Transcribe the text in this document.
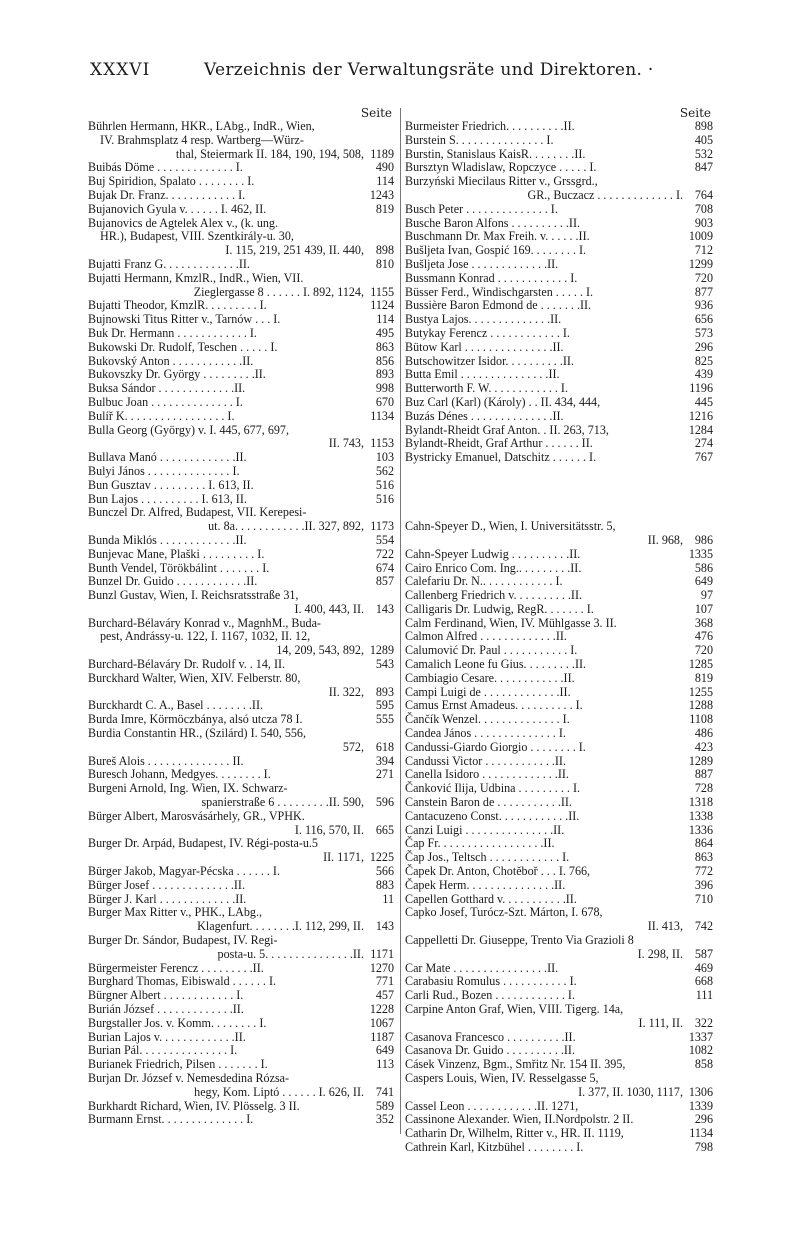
XXXVI	Verzeichnis der Verwaltungsräte und Direktoren. ·
Seite
Bührlen Hermann, HKR., LAbg., IndR., Wien,
IV. Brahmsplatz 4 resp. Wartberg—Würz-
thal, Steiermark II. 184, 190, 194, 508, 1189
Buibás Döme . . . . . . . . . . . . . I.	490
Buj Spiridion, Spalato . . . . . . . . I.	114
Bujak Dr. Franz. . . . . . . . . . . . I.	1243
Bujanovich Gyula v. . . . . . I. 462, II.	819
Bujanovics de Agtelek Alex v., (k. ung.
HR.), Budapest, VIII. Szentkirály-u. 30,
I. 115, 219, 251 439, II. 440, 898
Bujatti Franz G. . . . . . . . . . . . .II.	810
Bujatti Hermann, KmzlR., IndR., Wien, VII.
Zieglergasse 8 . . . . . . I. 892, 1124, 1155
Bujatti Theodor, KmzlR. . . . . . . . . I.	1124
Bujnowski Titus Ritter v., Tarnów . . . I.	114
Buk Dr. Hermann . . . . . . . . . . . . I.	495
Bukowski Dr. Rudolf, Teschen . . . . . I.	863
Bukovský Anton . . . . . . . . . . . .II.	856
Bukovszky Dr. György . . . . . . . . .II.	893
Buksa Sándor . . . . . . . . . . . . .II.	998
Bulbuc Joan . . . . . . . . . . . . . . I.	670
Bulíř K. . . . . . . . . . . . . . . . . I.	1134
Bulla Georg (György) v. I. 445, 677, 697,
II. 743, 1153
Bullava Manó . . . . . . . . . . . . .II.	103
Bulyi János . . . . . . . . . . . . . . I.	562
Bun Gusztav . . . . . . . . . I. 613, II.	516
Bun Lajos . . . . . . . . . . I. 613, II.	516
Bunczel Dr. Alfred, Budapest, VII. Kerepesi-
ut. 8a. . . . . . . . . . . .II. 327, 892, 1173
Bunda Miklós . . . . . . . . . . . . .II.	554
Bunjevac Mane, Plaški . . . . . . . . . I.	722
Bunth Vendel, Törökbálint . . . . . . . I.	674
Bunzel Dr. Guido . . . . . . . . . . . .II.	857
Bunzl Gustav, Wien, I. Reichsratsstraße 31,
I. 400, 443, II. 143
Burchard-Bélaváry Konrad v., MagnhM., Buda-
pest, Andrássy-u. 122, I. 1167, 1032, II. 12,
14, 209, 543, 892, 1289
Burchard-Bélaváry Dr. Rudolf v. . 14, II.	543
Burckhard Walter, Wien, XIV. Felberstr. 80,
II. 322, 893
Burckhardt C. A., Basel . . . . . . . .II.	595
Burda Imre, Körmöczbánya, alsó utcza 78 I.	555
Burdia Constantin HR., (Szilárd) I. 540, 556,
572, 618
Bureš Alois . . . . . . . . . . . . . . II.	394
Buresch Johann, Medgyes. . . . . . . . I.	271
Burgeni Arnold, Ing. Wien, IX. Schwarz-
spanierstraße 6 . . . . . . . . .II. 590, 596
Bürger Albert, Marosvásárhely, GR., VPHK.
I. 116, 570, II. 665
Burger Dr. Arpád, Budapest, IV. Régi-posta-u.5
II. 1171, 1225
Bürger Jakob, Magyar-Pécska . . . . . . I.	566
Bürger Josef . . . . . . . . . . . . . .II.	883
Bürger J. Karl . . . . . . . . . . . . .II.	11
Burger Max Ritter v., PHK., LAbg.,
Klagenfurt. . . . . . . .I. 112, 299, II. 143
Burger Dr. Sándor, Budapest, IV. Regi-
posta-u. 5. . . . . . . . . . . . . . .II. 1171
Bürgermeister Ferencz . . . . . . . . .II.	1270
Burghard Thomas, Eibiswald . . . . . . I.	771
Bürgner Albert . . . . . . . . . . . . I.	457
Burián József . . . . . . . . . . . . .II.	1228
Burgstaller Jos. v. Komm. . . . . . . . I.	1067
Burian Lajos v. . . . . . . . . . . . .II.	1187
Burian Pál. . . . . . . . . . . . . . . I.	649
Burianek Friedrich, Pilsen . . . . . . . I.	113
Burjan Dr. József v. Nemesdedina Rózsa-
hegy, Kom. Liptó . . . . . . I. 626, II. 741
Burkhardt Richard, Wien, IV. Plösselg. 3 II.	589
Burmann Ernst. . . . . . . . . . . . . . I.	352
Seite
Burmeister Friedrich. . . . . . . . . .II.	898
Burstein S. . . . . . . . . . . . . . . I.	405
Burstin, Stanislaus KaisR. . . . . . . .II.	532
Bursztyn Wladislaw, Ropczyce . . . . . I.	847
Burzyński Miecilaus Ritter v., Grssgrd.,
GR., Buczacz . . . . . . . . . . . . . I. 764
Busch Peter . . . . . . . . . . . . . . I.	708
Busche Baron Alfons . . . . . . . . . .II.	903
Buschmann Dr. Max Freih. v. . . . . .II.	1009
Bušljeta Ivan, Gospić 169. . . . . . . . I.	712
Bušljeta Jose . . . . . . . . . . . . .II.	1299
Bussmann Konrad . . . . . . . . . . . . I.	720
Büsser Ferd., Windischgarsten . . . . . I.	877
Bussière Baron Edmond de . . . . . . .II.	936
Bustya Lajos. . . . . . . . . . . . . .II.	656
Butykay Ferencz . . . . . . . . . . . . I.	573
Bütow Karl . . . . . . . . . . . . . . .II.	296
Butschowitzer Isidor. . . . . . . . . .II.	825
Butta Emil . . . . . . . . . . . . . . .II.	439
Butterworth F. W. . . . . . . . . . . . I.	1196
Buz Carl (Karl) (Károly) . . II. 434, 444,	445
Buzás Dénes . . . . . . . . . . . . . .II.	1216
Bylandt-Rheidt Graf Anton. . II. 263, 713,	1284
Bylandt-Rheidt, Graf Arthur . . . . . . II.	274
Bystricky Emanuel, Datschitz . . . . . . I.	767
Cahn-Speyer D., Wien, I. Universitätsstr. 5,
II. 968, 986
Cahn-Speyer Ludwig . . . . . . . . . .II.	1335
Cairo Enrico Com. Ing.. . . . . . . . .II.	586
Calefariu Dr. N.. . . . . . . . . . . . I.	649
Callenberg Friedrich v. . . . . . . . . .II.	97
Calligaris Dr. Ludwig, RegR. . . . . . . I.	107
Calm Ferdinand, Wien, IV. Mühlgasse 3. II.	368
Calmon Alfred . . . . . . . . . . . . .II.	476
Calumović Dr. Paul . . . . . . . . . . . I.	720
Camalich Leone fu Gius. . . . . . . . .II.	1285
Cambiagio Cesare. . . . . . . . . . . .II.	819
Campi Luigi de . . . . . . . . . . . . .II.	1255
Camus Ernst Amadeus. . . . . . . . . . I.	1288
Čančík Wenzel. . . . . . . . . . . . . . I.	1108
Candea János . . . . . . . . . . . . . . I.	486
Candussi-Giardo Giorgio . . . . . . . . I.	423
Candussi Victor . . . . . . . . . . . .II.	1289
Canella Isidoro . . . . . . . . . . . . .II.	887
Čanković Ilija, Udbina . . . . . . . . . I.	728
Canstein Baron de . . . . . . . . . . .II.	1318
Cantacuzeno Const. . . . . . . . . . . .II.	1338
Canzi Luigi . . . . . . . . . . . . . . .II.	1336
Čap Fr. . . . . . . . . . . . . . . . . .II.	864
Čap Jos., Teltsch . . . . . . . . . . . . I.	863
Čapek Dr. Anton, Chotěboř . . . I. 766,	772
Čapek Herm. . . . . . . . . . . . . . .II.	396
Capellen Gotthard v. . . . . . . . . . .II.	710
Capko Josef, Turócz-Szt. Márton, I. 678,
II. 413, 742
Cappelletti Dr. Giuseppe, Trento Via Grazioli 8
I. 298, II. 587
Car Mate . . . . . . . . . . . . . . . .II.	469
Carabasiu Romulus . . . . . . . . . . . I.	668
Carli Rud., Bozen . . . . . . . . . . . . I.	111
Carpine Anton Graf, Wien, VIII. Tigerg. 14a,
I. 111, II. 322
Casanova Francesco . . . . . . . . . .II.	1337
Casanova Dr. Guido . . . . . . . . . .II.	1082
Cásek Vinzenz, Bgm., Smřitz Nr. 154 II. 395,	858
Caspers Louis, Wien, IV. Resselgasse 5,
I. 377, II. 1030, 1117, 1306
Cassel Leon . . . . . . . . . . . .II. 1271,	1339
Cassinone Alexander. Wien, II.Nordpolstr. 2 II.	296
Catharin Dr, Wilhelm, Ritter v., HR. II. 1119,	1134
Cathrein Karl, Kitzbühel . . . . . . . . I.	798
